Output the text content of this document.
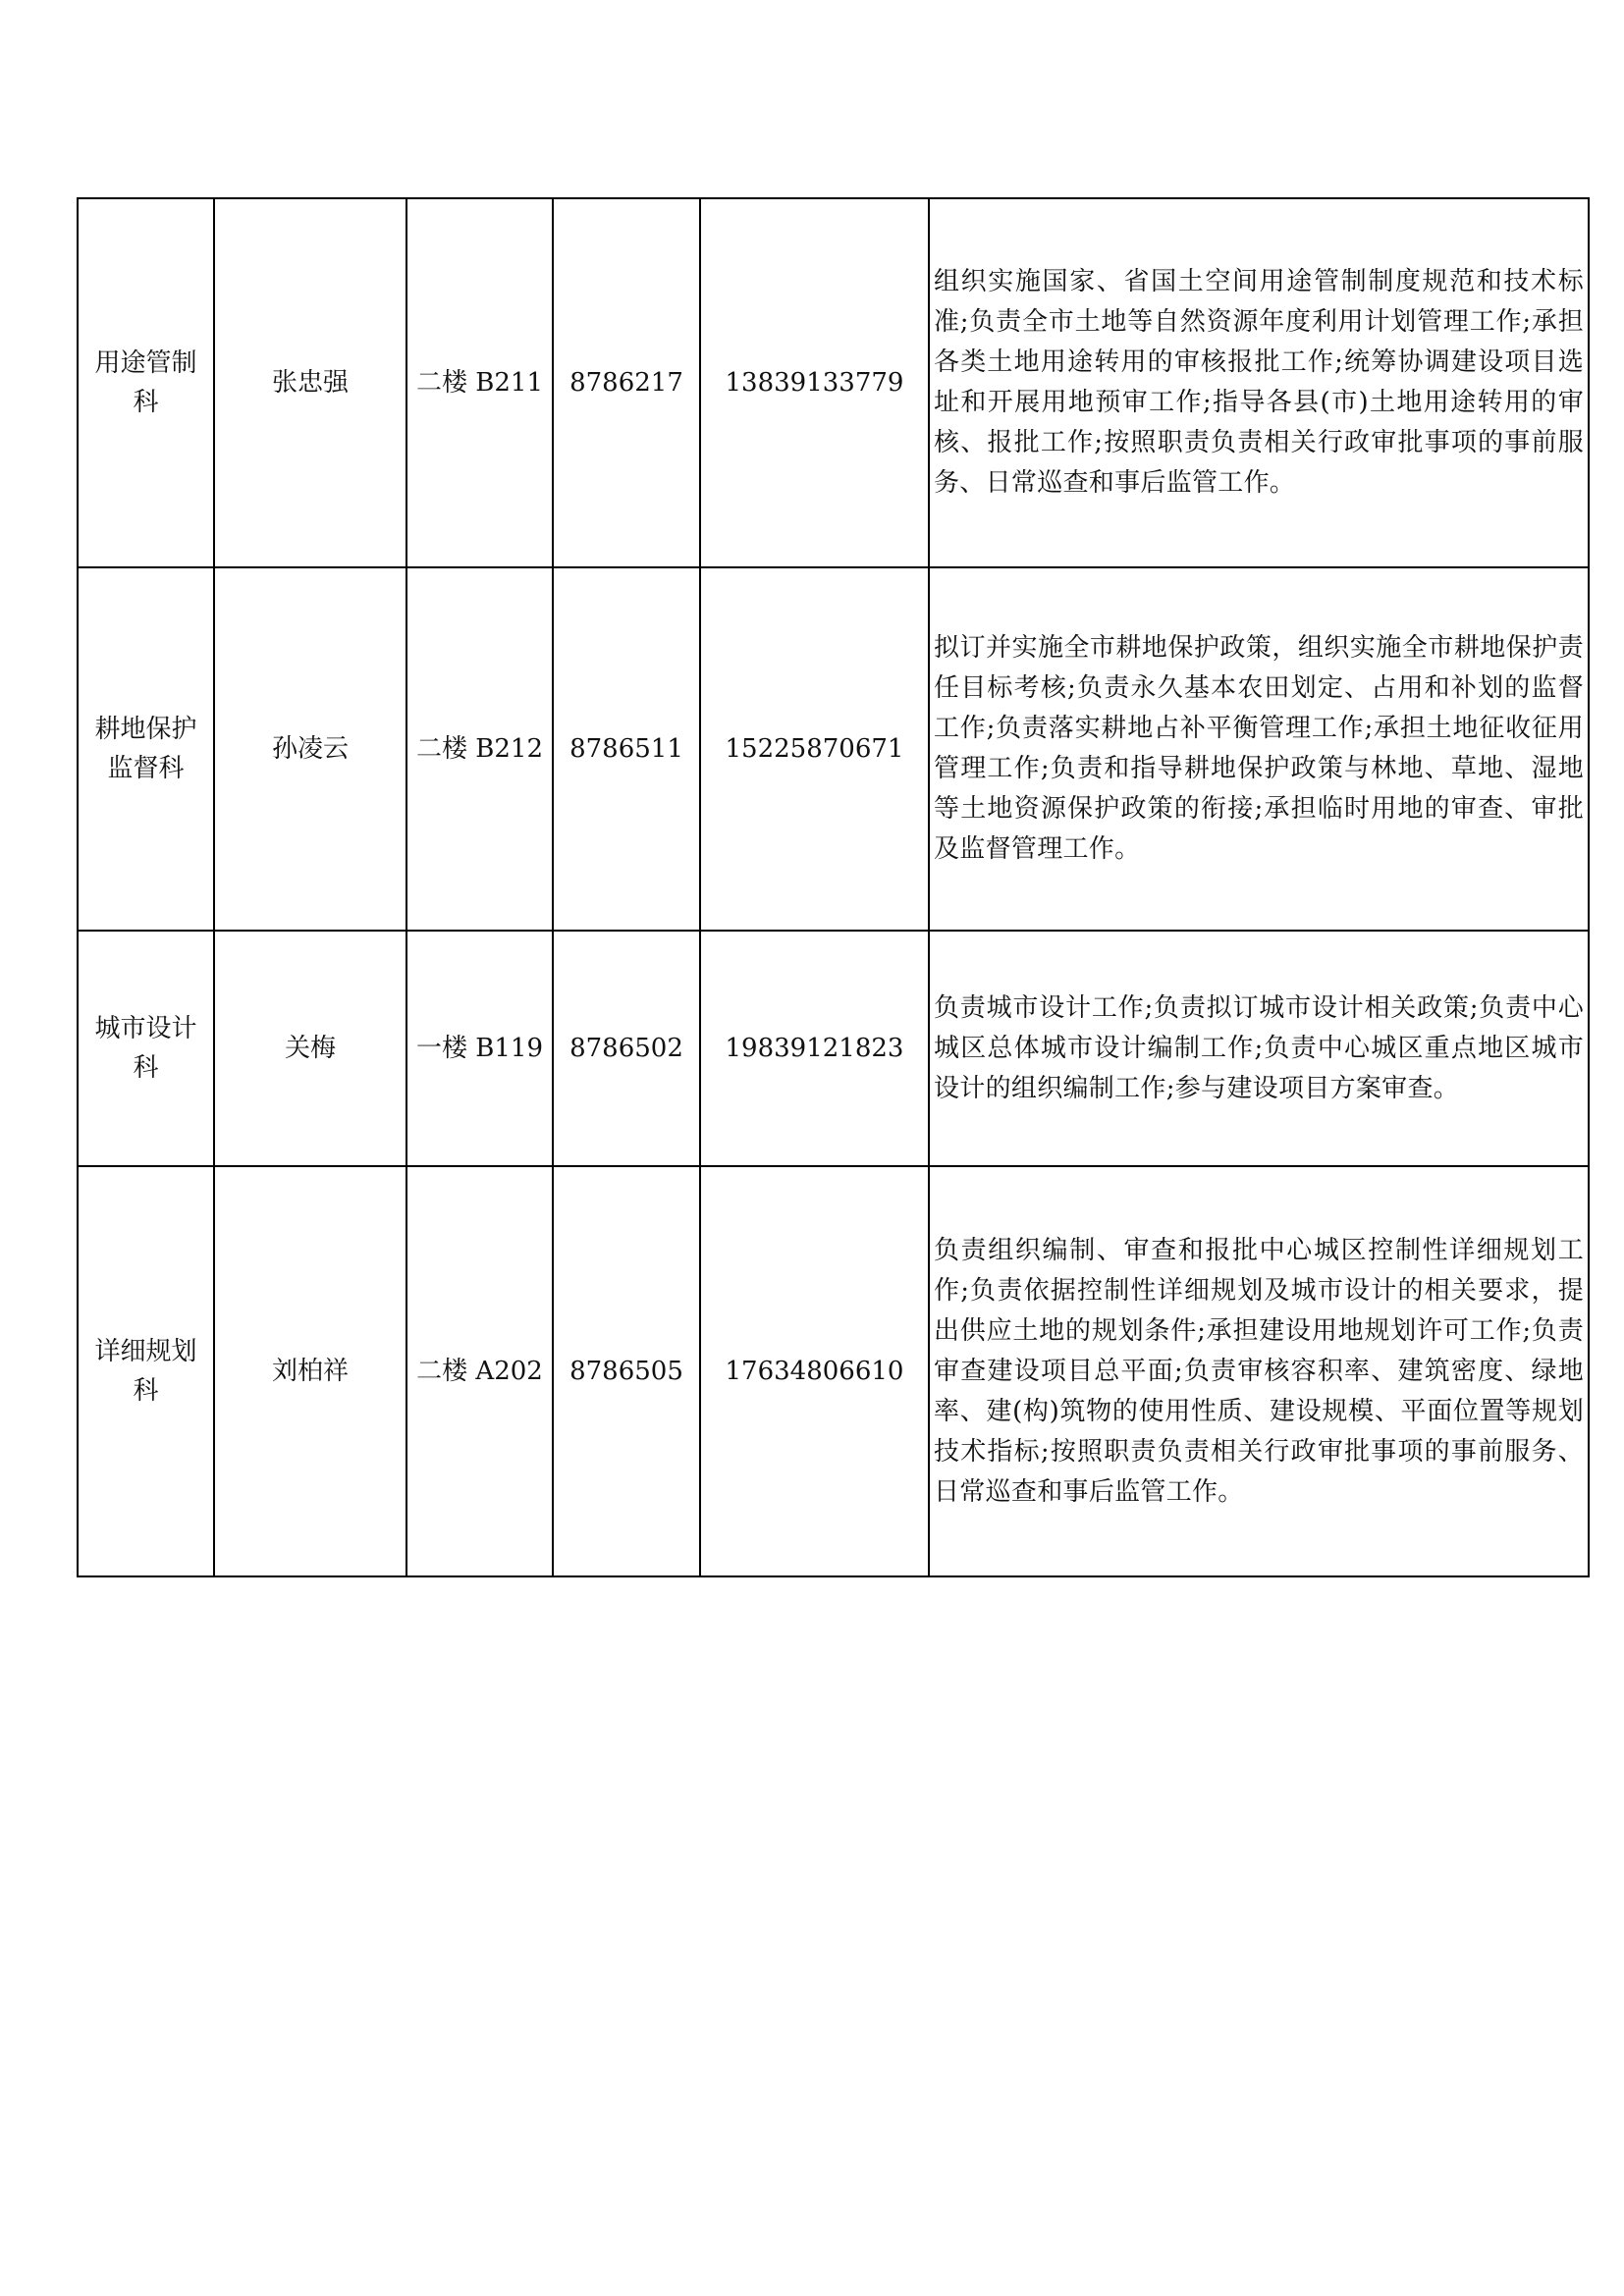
用途管制科	张忠强	二楼 B211	8786217	13839133779	组织实施国家、省国土空间用途管制制度规范和技术标准;负责全市土地等自然资源年度利用计划管理工作;承担各类土地用途转用的审核报批工作;统筹协调建设项目选址和开展用地预审工作;指导各县(市)土地用途转用的审核、报批工作;按照职责负责相关行政审批事项的事前服务、日常巡查和事后监管工作。
耕地保护监督科	孙凌云	二楼 B212	8786511	15225870671	拟订并实施全市耕地保护政策，组织实施全市耕地保护责任目标考核;负责永久基本农田划定、占用和补划的监督工作;负责落实耕地占补平衡管理工作;承担土地征收征用管理工作;负责和指导耕地保护政策与林地、草地、湿地等土地资源保护政策的衔接;承担临时用地的审查、审批及监督管理工作。
城市设计科	关梅	一楼 B119	8786502	19839121823	负责城市设计工作;负责拟订城市设计相关政策;负责中心城区总体城市设计编制工作;负责中心城区重点地区城市设计的组织编制工作;参与建设项目方案审查。
详细规划科	刘柏祥	二楼 A202	8786505	17634806610	负责组织编制、审查和报批中心城区控制性详细规划工作;负责依据控制性详细规划及城市设计的相关要求，提出供应土地的规划条件;承担建设用地规划许可工作;负责审查建设项目总平面;负责审核容积率、建筑密度、绿地率、建(构)筑物的使用性质、建设规模、平面位置等规划技术指标;按照职责负责相关行政审批事项的事前服务、日常巡查和事后监管工作。
